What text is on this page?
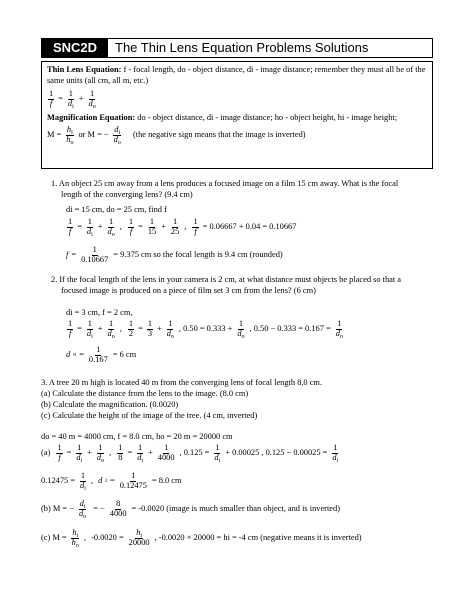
SNC2D	The Thin Lens Equation Problems Solutions

Thin Lens Equation: f - focal length, do - object distance, di - image distance; remember they must all be of the same units (all cm, all m, etc.)

$\frac{1}{f} = \frac{1}{d_i} + \frac{1}{d_o}$

Magnification Equation: do - object distance, di - image distance; ho - object height, hi - image height;

$M = \frac{h_i}{h_o}$ or M = − $\frac{d_i}{d_o}$
(the negative sign means that the image is inverted)
1. An object 25 cm away from a lens produces a focused image on a film 15 cm away. What is the focal length of the converging lens? (9.4 cm)
di = 15 cm, do = 25 cm, find f
$\frac{1}{f} = \frac{1}{d_i} + \frac{1}{d_o}$ , $\frac{1}{f} = \frac{1}{15} + \frac{1}{25}$ , $\frac{1}{f} = 0.06667 + 0.04 = 0.10667$
$f = \frac{1}{0.10667} = 9.375$ cm so the focal length is 9.4 cm (rounded)
2. If the focal length of the lens in your camera is 2 cm, at what distance must objects be placed so that a focused image is produced on a piece of film set 3 cm from the lens? (6 cm)
di = 3 cm, f = 2 cm,
$\frac{1}{f} = \frac{1}{d_i} + \frac{1}{d_o}$ , $\frac{1}{2} = \frac{1}{3} + \frac{1}{d_o}$ , $0.50 = 0.333 + \frac{1}{d_o}$ , $0.50 - 0.333 = 0.167 = \frac{1}{d_o}$
d $o = \frac{1}{0.167} = 6$ cm
3. A tree 20 m high is located 40 m from the converging lens of focal length 8.0 cm.
(a) Calculate the distance from the lens to the image. (8.0 cm)
(b) Calculate the magnification. (0.0020)
(c) Calculate the height of the image of the tree. (4 cm, inverted)
do = 40 m = 4000 cm, f = 8.0 cm, ho = 20 m = 20000 cm
$(a) \frac{1}{f} = \frac{1}{d_i} + \frac{1}{d_o}$ , $\frac{1}{8} = \frac{1}{d_i} + \frac{1}{4000}$ , $0.125 = \frac{1}{d_i} + 0.00025$ , $0.125 - 0.00025 = \frac{1}{d_i}$
$0.12475 = \frac{1}{d_i}$ , d $i = \frac{1}{0.12475} = 8.0$ cm
(b) M = − $\frac{d_i}{d_o}$ = − $\frac{8}{4000} = -0.0020$ (image is much smaller than object, and is inverted)
(c) $M = \frac{h_i}{h_o}$ , $-0.0020 = \frac{h_i}{20000}$ , -0.0020 × 20000 = hi = -4 cm (negative means it is inverted)
